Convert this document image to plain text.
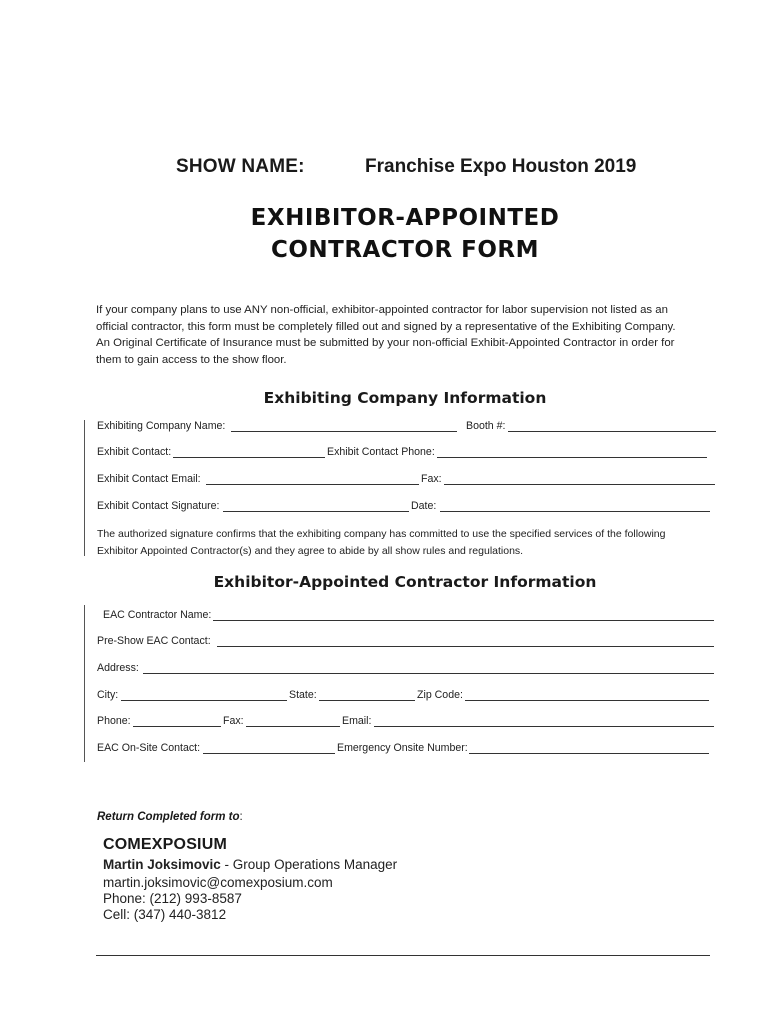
SHOW NAME:	Franchise Expo Houston 2019
EXHIBITOR-APPOINTED
CONTRACTOR FORM
If your company plans to use ANY non-official, exhibitor-appointed contractor for labor supervision not listed as an
official contractor, this form must be completely filled out and signed by a representative of the Exhibiting Company.
An Original Certificate of Insurance must be submitted by your non-official Exhibit-Appointed Contractor in order for
them to gain access to the show floor.
Exhibiting Company Information
Exhibiting Company Name:	Booth #:
Exhibit Contact:	Exhibit Contact Phone:
Exhibit Contact Email:	Fax:
Exhibit Contact Signature:	Date:
The authorized signature confirms that the exhibiting company has committed to use the specified services of the following
Exhibitor Appointed Contractor(s) and they agree to abide by all show rules and regulations.
Exhibitor-Appointed Contractor Information
EAC Contractor Name:
Pre-Show EAC Contact:
Address:
City:	State:	Zip Code:
Phone:	Fax:	Email:
EAC On-Site Contact:	Emergency Onsite Number:
Return Completed form to:
COMEXPOSIUM
Martin Joksimovic - Group Operations Manager
martin.joksimovic@comexposium.com
Phone: (212) 993-8587
Cell: (347) 440-3812
